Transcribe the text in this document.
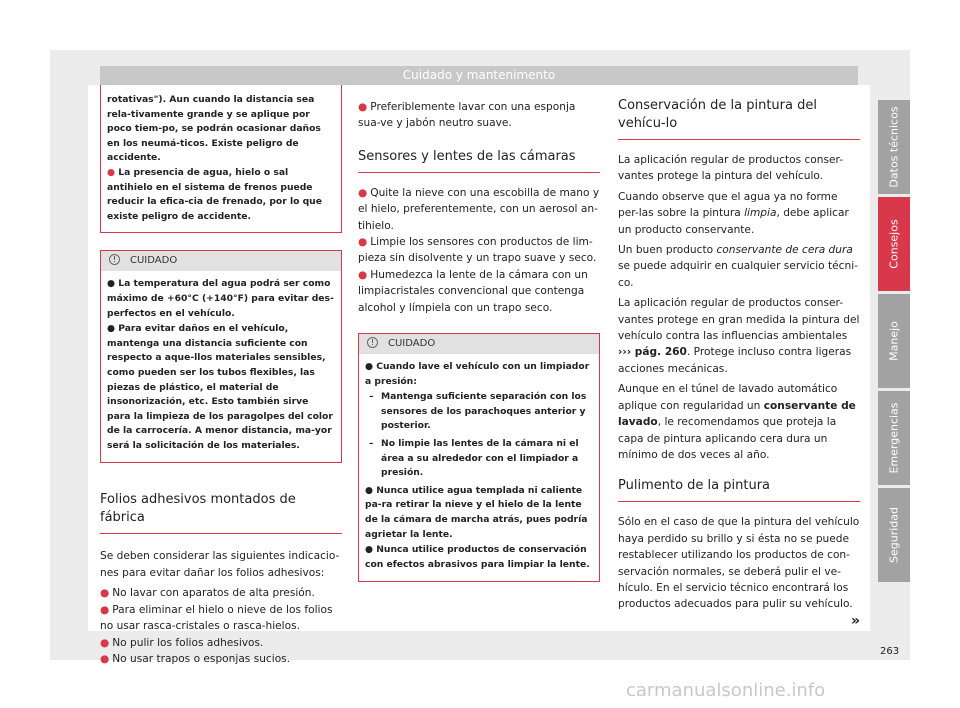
Cuidado y mantenimento

rotativas"). Aun cuando la distancia sea rela-tivamente grande y se aplique por poco tiem-po, se podrán ocasionar daños en los neumá-ticos. Existe peligro de accidente.

● La presencia de agua, hielo o sal antihielo en el sistema de frenos puede reducir la efica-cia de frenado, por lo que existe peligro de accidente.

! CUIDADO
● La temperatura del agua podrá ser como máximo de +60°C (+140°F) para evitar des-perfectos en el vehículo.
● Para evitar daños en el vehículo, mantenga una distancia suficiente con respecto a aque-llos materiales sensibles, como pueden ser los tubos flexibles, las piezas de plástico, el material de insonorización, etc. Esto también sirve para la limpieza de los paragolpes del color de la carrocería. A menor distancia, ma-yor será la solicitación de los materiales.
Folios adhesivos montados de fábrica

Se deben considerar las siguientes indicacio-nes para evitar dañar los folios adhesivos:

● No lavar con aparatos de alta presión.
● Para eliminar el hielo o nieve de los folios no usar rasca-cristales o rasca-hielos.
● No pulir los folios adhesivos.
● No usar trapos o esponjas sucios.
● Preferiblemente lavar con una esponja sua-ve y jabón neutro suave.
Sensores y lentes de las cámaras
● Quite la nieve con una escobilla de mano y el hielo, preferentemente, con un aerosol an-tihielo.
● Limpie los sensores con productos de lim-pieza sin disolvente y un trapo suave y seco.
● Humedezca la lente de la cámara con un limpiacristales convencional que contenga alcohol y límpiela con un trapo seco.
! CUIDADO
● Cuando lave el vehículo con un limpiador a presión:
– Mantenga suficiente separación con los sensores de los parachoques anterior y posterior.
– No limpie las lentes de la cámara ni el área a su alrededor con el limpiador a presión.
● Nunca utilice agua templada ni caliente pa-ra retirar la nieve y el hielo de la lente de la cámara de marcha atrás, pues podría agrietar la lente.
● Nunca utilice productos de conservación con efectos abrasivos para limpiar la lente.
Conservación de la pintura del vehícu-lo

La aplicación regular de productos conser-vantes protege la pintura del vehículo.

Cuando observe que el agua ya no forme per-las sobre la pintura limpia, debe aplicar un producto conservante.

Un buen producto conservante de cera dura se puede adquirir en cualquier servicio técni-co.

La aplicación regular de productos conser-vantes protege en gran medida la pintura del vehículo contra las influencias ambientales ››› pág. 260. Protege incluso contra ligeras acciones mecánicas.

Aunque en el túnel de lavado automático aplique con regularidad un conservante de lavado, le recomendamos que proteja la capa de pintura aplicando cera dura un mínimo de dos veces al año.

Pulimento de la pintura

Sólo en el caso de que la pintura del vehículo haya perdido su brillo y si ésta no se puede restablecer utilizando los productos de con-servación normales, se deberá pulir el ve-hículo. En el servicio técnico encontrará los productos adecuados para pulir su vehículo.
»

Datos técnicos
Consejos
Manejo
Emergencias
Seguridad
263
carmanualsonline.info
